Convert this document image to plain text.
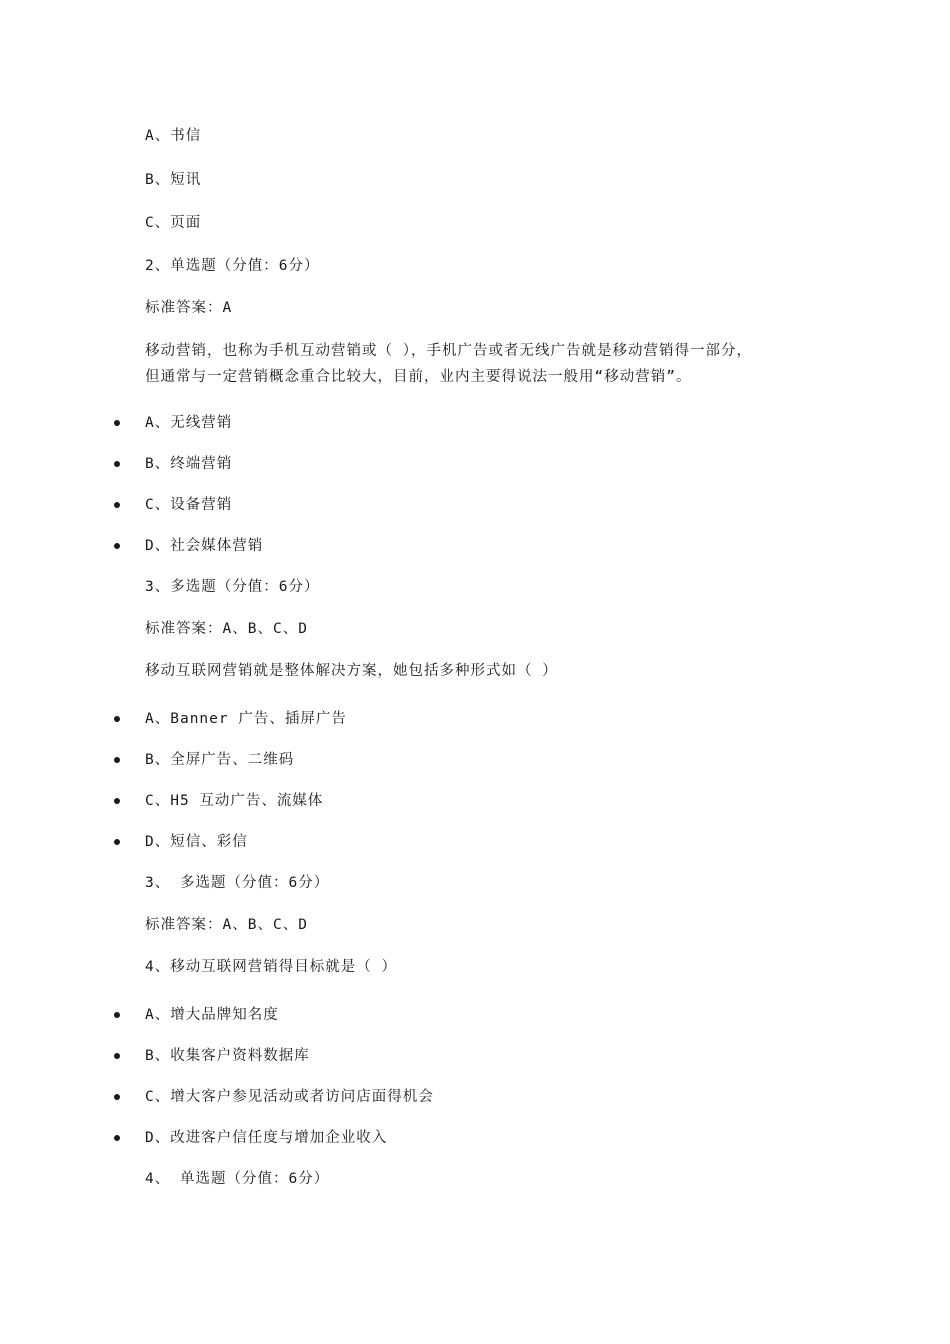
A、书信
B、短讯
C、页面
2、单选题（分值：6分）
标准答案：A
移动营销，也称为手机互动营销或（ ），手机广告或者无线广告就是移动营销得一部分，
但通常与一定营销概念重合比较大，目前，业内主要得说法一般用“移动营销”。
A、无线营销
B、终端营销
C、设备营销
D、社会媒体营销
3、多选题（分值：6分）
标准答案：A、B、C、D
移动互联网营销就是整体解决方案，她包括多种形式如（ ）
A、Banner 广告、插屏广告
B、全屏广告、二维码
C、H5 互动广告、流媒体
D、短信、彩信
3、 多选题（分值：6分）
标准答案：A、B、C、D
4、移动互联网营销得目标就是（ ）
A、增大品牌知名度
B、收集客户资料数据库
C、增大客户参见活动或者访问店面得机会
D、改进客户信任度与增加企业收入
4、 单选题（分值：6分）
